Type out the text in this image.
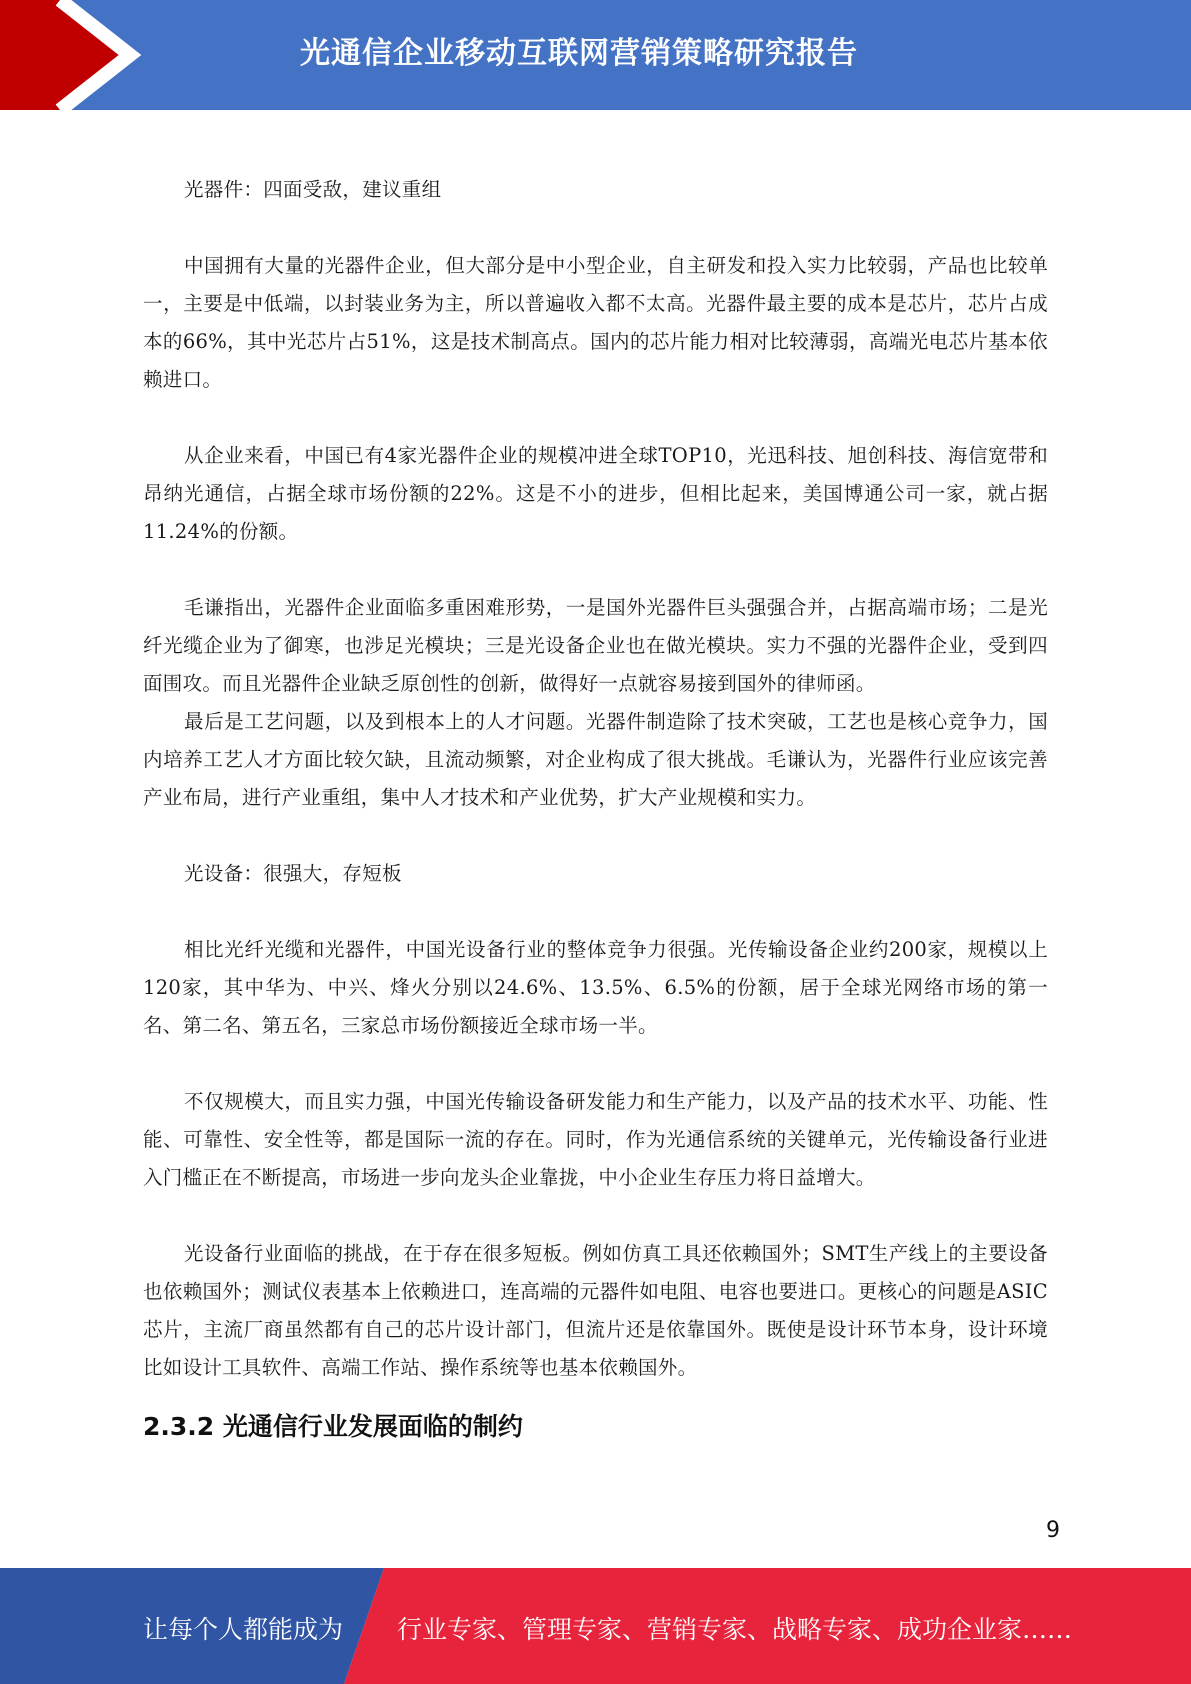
光通信企业移动互联网营销策略研究报告

光器件：四面受敌，建议重组

中国拥有大量的光器件企业，但大部分是中小型企业，自主研发和投入实力比较弱，产品也比较单一，主要是中低端，以封装业务为主，所以普遍收入都不太高。光器件最主要的成本是芯片，芯片占成本的66%，其中光芯片占51%，这是技术制高点。国内的芯片能力相对比较薄弱，高端光电芯片基本依赖进口。

从企业来看，中国已有4家光器件企业的规模冲进全球TOP10，光迅科技、旭创科技、海信宽带和昂纳光通信，占据全球市场份额的22%。这是不小的进步，但相比起来，美国博通公司一家，就占据11.24%的份额。

毛谦指出，光器件企业面临多重困难形势，一是国外光器件巨头强强合并，占据高端市场；二是光纤光缆企业为了御寒，也涉足光模块；三是光设备企业也在做光模块。实力不强的光器件企业，受到四面围攻。而且光器件企业缺乏原创性的创新，做得好一点就容易接到国外的律师函。

最后是工艺问题，以及到根本上的人才问题。光器件制造除了技术突破，工艺也是核心竞争力，国内培养工艺人才方面比较欠缺，且流动频繁，对企业构成了很大挑战。毛谦认为，光器件行业应该完善产业布局，进行产业重组，集中人才技术和产业优势，扩大产业规模和实力。

光设备：很强大，存短板

相比光纤光缆和光器件，中国光设备行业的整体竞争力很强。光传输设备企业约200家，规模以上120家，其中华为、中兴、烽火分别以24.6%、13.5%、6.5%的份额，居于全球光网络市场的第一名、第二名、第五名，三家总市场份额接近全球市场一半。

不仅规模大，而且实力强，中国光传输设备研发能力和生产能力，以及产品的技术水平、功能、性能、可靠性、安全性等，都是国际一流的存在。同时，作为光通信系统的关键单元，光传输设备行业进入门槛正在不断提高，市场进一步向龙头企业靠拢，中小企业生存压力将日益增大。

光设备行业面临的挑战，在于存在很多短板。例如仿真工具还依赖国外；SMT生产线上的主要设备也依赖国外；测试仪表基本上依赖进口，连高端的元器件如电阻、电容也要进口。更核心的问题是ASIC芯片，主流厂商虽然都有自己的芯片设计部门，但流片还是依靠国外。既使是设计环节本身，设计环境比如设计工具软件、高端工作站、操作系统等也基本依赖国外。

2.3.2 光通信行业发展面临的制约
9
让每个人都能成为 行业专家、管理专家、营销专家、战略专家、成功企业家……
